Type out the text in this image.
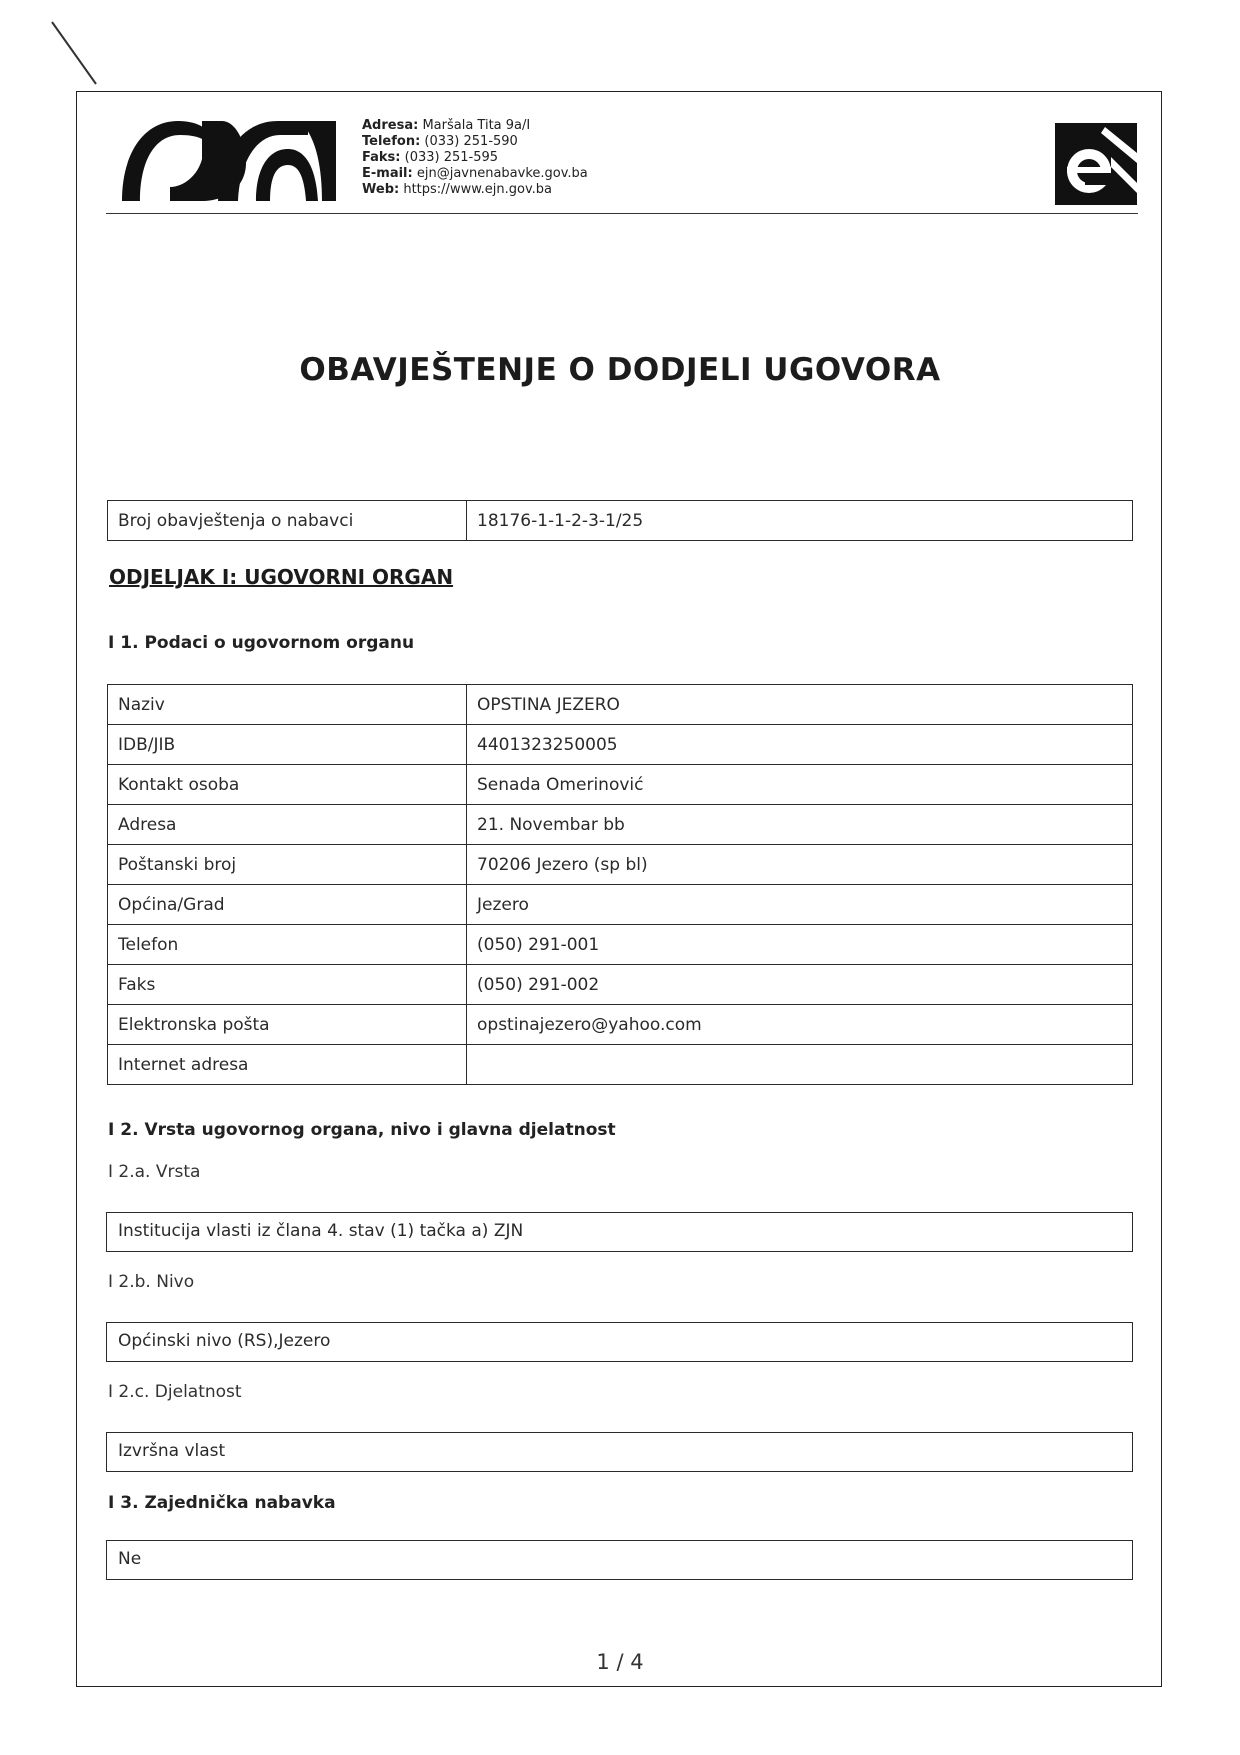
Adresa: Maršala Tita 9a/I
Telefon: (033) 251-590
Faks: (033) 251-595
E-mail: ejn@javnenabavke.gov.ba
Web: https://www.ejn.gov.ba
OBAVJEŠTENJE O DODJELI UGOVORA
Broj obavještenja o nabavci	18176-1-1-2-3-1/25
ODJELJAK I: UGOVORNI ORGAN
I 1. Podaci o ugovornom organu
Naziv	OPSTINA JEZERO
IDB/JIB	4401323250005
Kontakt osoba	Senada Omerinović
Adresa	21. Novembar bb
Poštanski broj	70206 Jezero (sp bl)
Općina/Grad	Jezero
Telefon	(050) 291-001
Faks	(050) 291-002
Elektronska pošta	opstinajezero@yahoo.com
Internet adresa	
I 2. Vrsta ugovornog organa, nivo i glavna djelatnost
I 2.a. Vrsta
Institucija vlasti iz člana 4. stav (1) tačka a) ZJN
I 2.b. Nivo
Općinski nivo (RS),Jezero
I 2.c. Djelatnost
Izvršna vlast
I 3. Zajednička nabavka
Ne
1 / 4
